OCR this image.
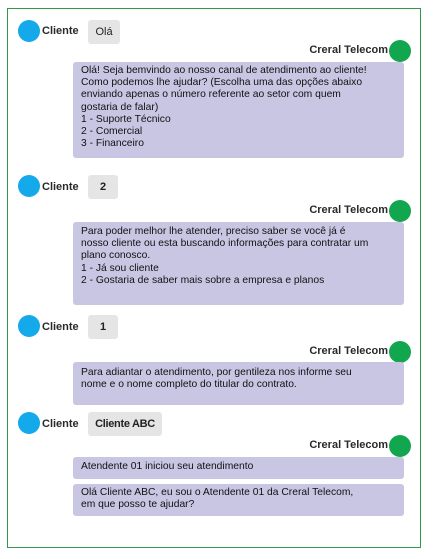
Cliente	Olá
Creral Telecom
Olá! Seja bemvindo ao nosso canal de atendimento ao cliente!
Como podemos lhe ajudar? (Escolha uma das opções abaixo
enviando apenas o número referente ao setor com quem
gostaria de falar)
1 - Suporte Técnico
2 - Comercial
3 - Financeiro
Cliente	2
Creral Telecom
Para poder melhor lhe atender, preciso saber se você já é
nosso cliente ou esta buscando informações para contratar um
plano conosco.
1 - Já sou cliente
2 - Gostaria de saber mais sobre a empresa e planos
Cliente	1
Creral Telecom
Para adiantar o atendimento, por gentileza nos informe seu
nome e o nome completo do titular do contrato.
Cliente	Cliente ABC
Creral Telecom
Atendente 01 iniciou seu atendimento
Olá Cliente ABC, eu sou o Atendente 01 da Creral Telecom,
em que posso te ajudar?
